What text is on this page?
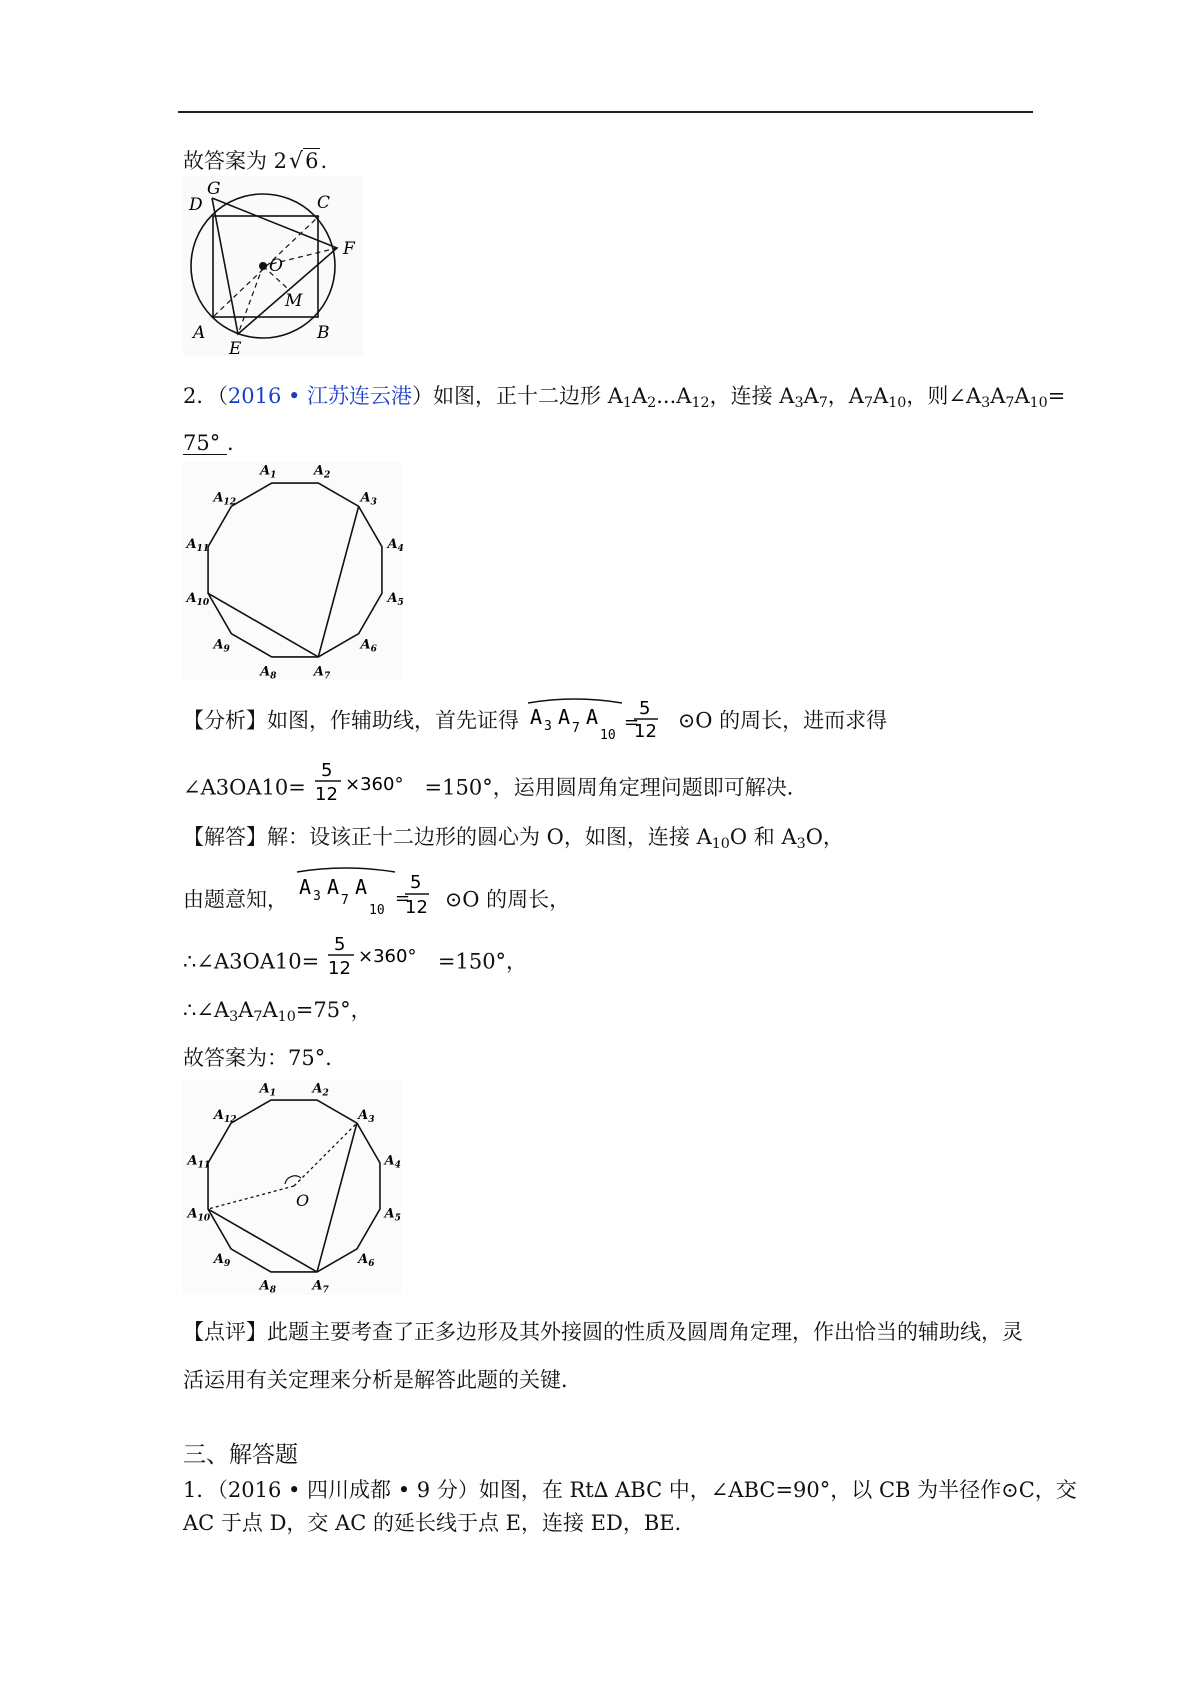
故答案为 2√6.
D
G
C
F
O
M
A	B
E
2．（2016 • 江苏连云港）如图，正十二边形 $A_1A_2...A_{12}$，连接 $A_3A_7$，$A_7A_{10}$，则$\angle A_3A_7A_{10}=$
75° .
$A_1$	$A_2$
$A_3$
$A_4$
$A_5$
$A_6$
$A_7$
$A_8$
$A_9$
$A_{10}$
$A_{11}$
$A_{12}$
【分析】如图，作辅助线，首先证得 A 3 A 7 A
10
=
5
12 ⊙O 的周长，进而求得
∠A3OA10=
5
12 ×360° =150°，运用圆周角定理问题即可解决．
【解答】解：设该正十二边形的圆心为 O，如图，连接 $A_{10}O$ 和 $A_3O$，
由题意知，
A 3 A
7
A
10
=
5
12 ⊙O 的周长，
∴∠A3OA10=
5
12
×360° =150°，
$\therefore\angle A_3A_7A_{10}=75^\circ$，
故答案为：75°．
O
$A_1$	$A_2$
$A_3$
$A_4$
$A_5$
$A_6$
$A_7$
$A_8$
$A_9$
$A_{10}$
$A_{11}$
$A_{12}$
【点评】此题主要考查了正多边形及其外接圆的性质及圆周角定理，作出恰当的辅助线，灵
活运用有关定理来分析是解答此题的关键．
三、解答题
1．（2016 • 四川成都 • 9 分）如图，在 Rt∆ ABC 中，∠ABC=90°，以 CB 为半径作⊙C，交
AC 于点 D，交 AC 的延长线于点 E，连接 ED，BE．
